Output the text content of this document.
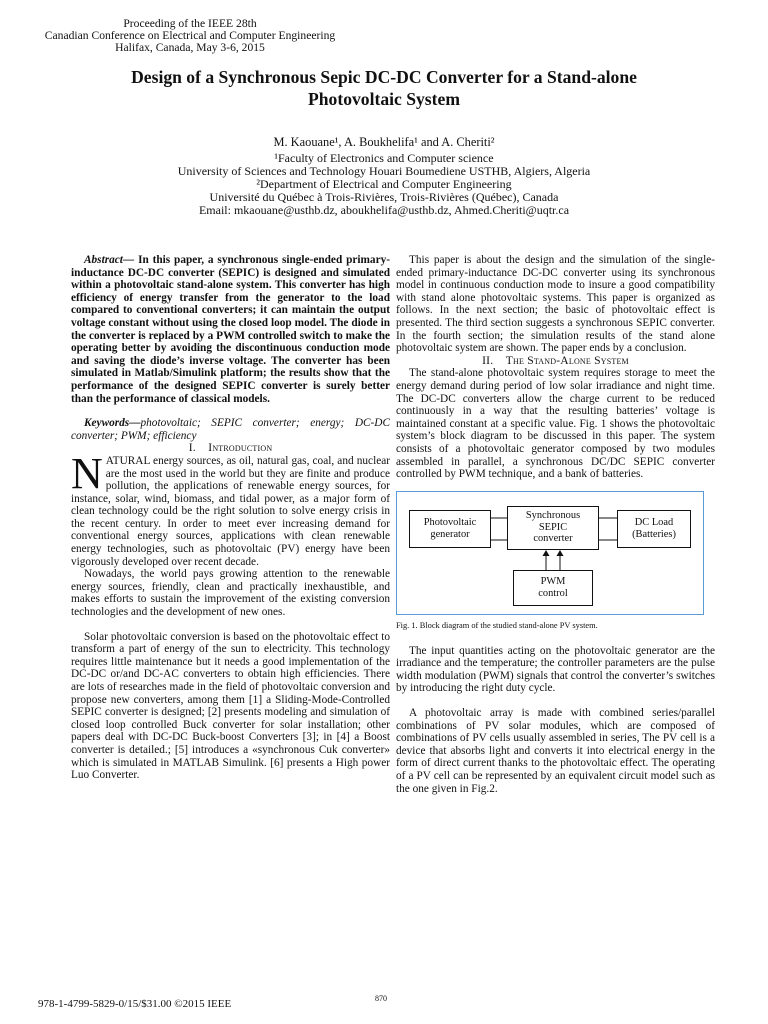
Proceeding of the IEEE 28th
Canadian Conference on Electrical and Computer Engineering
Halifax, Canada, May 3-6, 2015
Design of a Synchronous Sepic DC-DC Converter for a Stand-alone
Photovoltaic System
M. Kaouane¹, A. Boukhelifa¹ and A. Cheriti²
¹Faculty of Electronics and Computer science
University of Sciences and Technology Houari Boumediene USTHB, Algiers, Algeria
²Department of Electrical and Computer Engineering
Université du Québec à Trois-Rivières, Trois-Rivières (Québec), Canada
Email: mkaouane@usthb.dz, aboukhelifa@usthb.dz, Ahmed.Cheriti@uqtr.ca

Abstract— In this paper, a synchronous single-ended primary-inductance DC-DC converter (SEPIC) is designed and simulated within a photovoltaic stand-alone system. This converter has high efficiency of energy transfer from the generator to the load compared to conventional converters; it can maintain the output voltage constant without using the closed loop model. The diode in the converter is replaced by a PWM controlled switch to make the operating better by avoiding the discontinuous conduction mode and saving the diode’s inverse voltage. The converter has been simulated in Matlab/Simulink platform; the results show that the performance of the designed SEPIC converter is surely better than the performance of classical models.

Keywords—photovoltaic; SEPIC converter; energy; DC-DC converter; PWM; efficiency

I. Introduction

NATURAL energy sources, as oil, natural gas, coal, and nuclear are the most used in the world but they are finite and produce pollution, the applications of renewable energy sources, for instance, solar, wind, biomass, and tidal power, as a major form of clean technology could be the right solution to solve energy crisis in the recent century. In order to meet ever increasing demand for conventional energy sources, applications with clean renewable energy technologies, such as photovoltaic (PV) energy have been vigorously developed over recent decade.

Nowadays, the world pays growing attention to the renewable energy sources, friendly, clean and practically inexhaustible, and makes efforts to sustain the improvement of the existing conversion technologies and the development of new ones.

Solar photovoltaic conversion is based on the photovoltaic effect to transform a part of energy of the sun to electricity. This technology requires little maintenance but it needs a good implementation of the DC-DC or/and DC-AC converters to obtain high efficiencies. There are lots of researches made in the field of photovoltaic conversion and propose new converters, among them [1] a Sliding-Mode-Controlled SEPIC converter is designed; [2] presents modeling and simulation of closed loop controlled Buck converter for solar installation; other papers deal with DC-DC Buck-boost Converters [3]; in [4] a Boost converter is detailed.; [5] introduces a «synchronous Cuk converter» which is simulated in MATLAB Simulink. [6] presents a High power Luo Converter.

This paper is about the design and the simulation of the single-ended primary-inductance DC-DC converter using its synchronous model in continuous conduction mode to insure a good compatibility with stand alone photovoltaic systems. This paper is organized as follows. In the next section; the basic of photovoltaic effect is presented. The third section suggests a synchronous SEPIC converter. In the fourth section; the simulation results of the stand alone photovoltaic system are shown. The paper ends by a conclusion.

II. The Stand-Alone System

The stand-alone photovoltaic system requires storage to meet the energy demand during period of low solar irradiance and night time. The DC-DC converters allow the charge current to be reduced continuously in a way that the resulting batteries’ voltage is maintained constant at a specific value. Fig. 1 shows the photovoltaic system’s block diagram to be discussed in this paper. The system consists of a photovoltaic generator composed by two modules assembled in parallel, a synchronous DC/DC SEPIC converter controlled by PWM technique, and a bank of batteries.

Photovoltaic
generator
Synchronous
SEPIC
converter
DC Load
(Batteries)
PWM
control

Fig. 1. Block diagram of the studied stand-alone PV system.

The input quantities acting on the photovoltaic generator are the irradiance and the temperature; the controller parameters are the pulse width modulation (PWM) signals that control the converter’s switches by introducing the right duty cycle.

A photovoltaic array is made with combined series/parallel combinations of PV solar modules, which are composed of combinations of PV cells usually assembled in series, The PV cell is a device that absorbs light and converts it into electrical energy in the form of direct current thanks to the photovoltaic effect. The operating of a PV cell can be represented by an equivalent circuit model such as the one given in Fig.2.

978-1-4799-5829-0/15/$31.00 ©2015 IEEE	870
